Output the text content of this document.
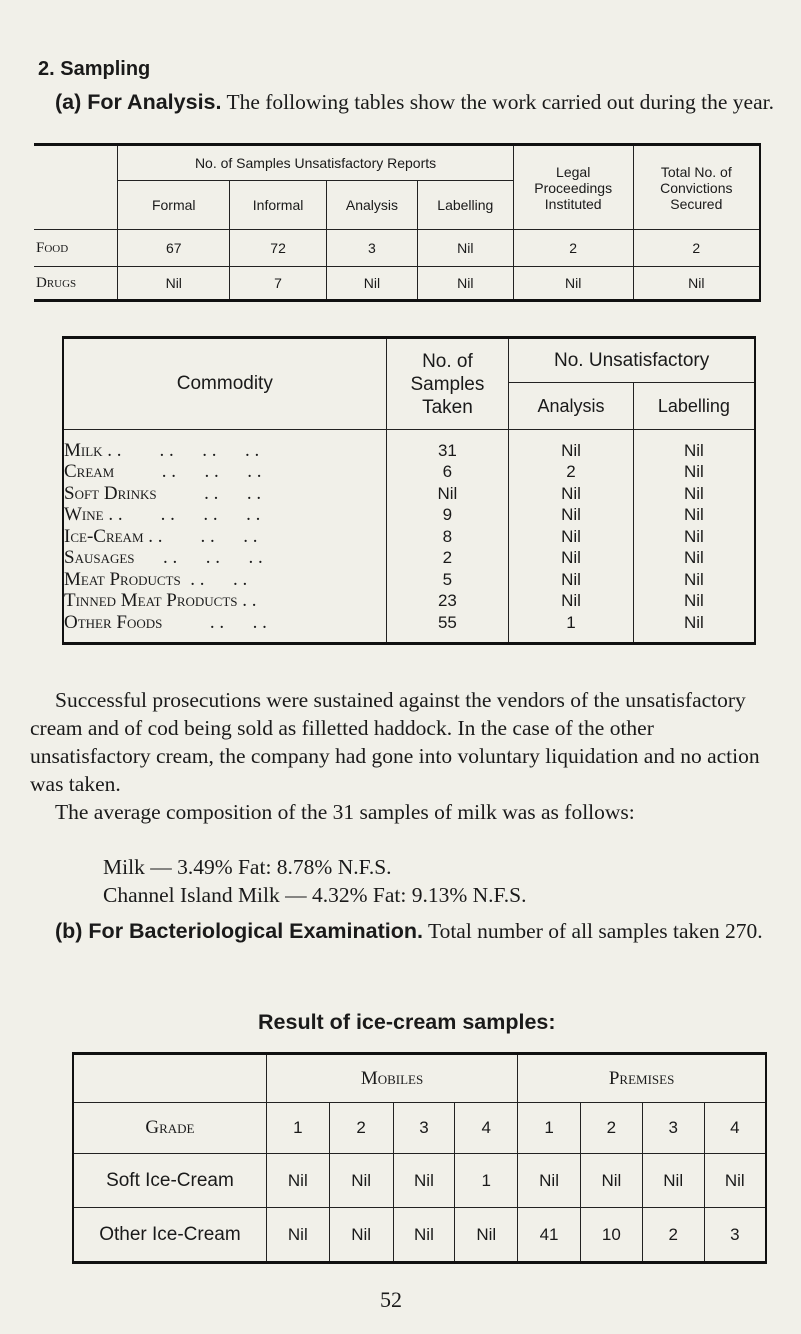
2. Sampling
(a) For Analysis. The following tables show the work carried out during the year.
	No. of Samples Unsatisfactory Reports				Legal Proceedings Instituted	Total No. of Convictions Secured
	Formal	Informal	Analysis	Labelling		
Food	67	72	3	Nil	2	2
Drugs	Nil	7	Nil	Nil	Nil	Nil
Commodity	No. of Samples Taken	No. Unsatisfactory	
		Analysis	Labelling

Milk . .        . .      . .      . .	31	Nil	Nil
Cream          . .      . .      . .	6	2	Nil
Soft Drinks          . .      . .	Nil	Nil	Nil
Wine . .        . .      . .      . .	9	Nil	Nil
Ice-Cream . .        . .      . .	8	Nil	Nil
Sausages      . .      . .      . .	2	Nil	Nil
Meat Products  . .      . .	5	Nil	Nil
Tinned Meat Products . .	23	Nil	Nil
Other Foods          . .      . .	55	1	Nil

Successful prosecutions were sustained against the vendors of the unsatisfactory cream and of cod being sold as filletted haddock. In the case of the other unsatisfactory cream, the company had gone into voluntary liquidation and no action was taken.
The average composition of the 31 samples of milk was as follows:
Milk — 3.49% Fat: 8.78% N.F.S.
Channel Island Milk — 4.32% Fat: 9.13% N.F.S.
(b) For Bacteriological Examination. Total number of all samples taken 270.
Result of ice-cream samples:
	Mobiles				Premises			
Grade	1	2	3	4	1	2	3	4
Soft Ice-Cream	Nil	Nil	Nil	1	Nil	Nil	Nil	Nil
Other Ice-Cream	Nil	Nil	Nil	Nil	41	10	2	3
52
